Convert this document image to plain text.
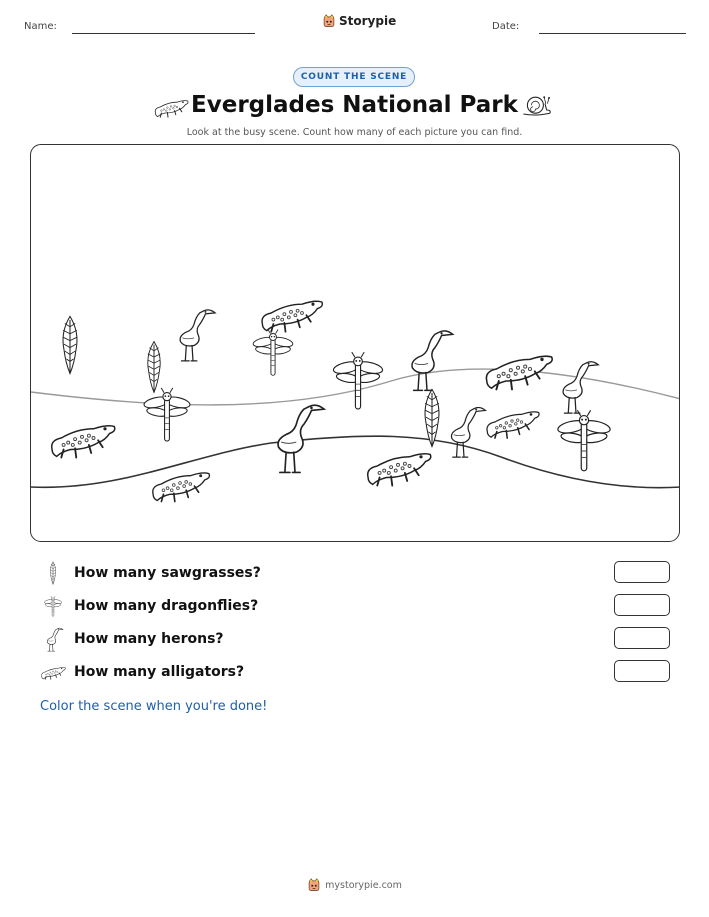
Name:	Storypie	Date:
COUNT THE SCENE
Everglades National Park
Look at the busy scene. Count how many of each picture you can find.
How many sawgrasses?
How many dragonflies?
How many herons?
How many alligators?
Color the scene when you're done!
mystorypie.com
